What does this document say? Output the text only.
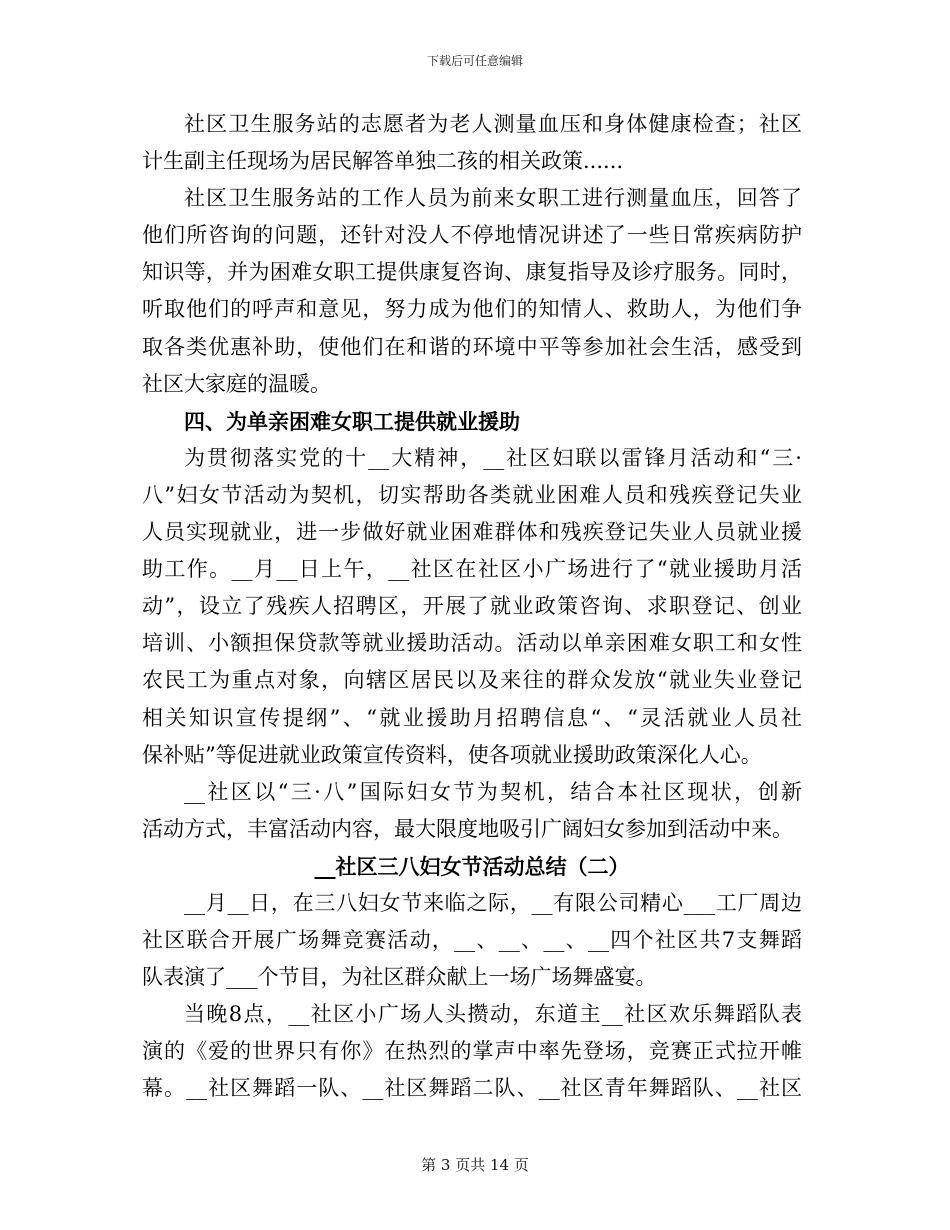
下载后可任意编辑
社区卫生服务站的志愿者为老人测量血压和身体健康检查；社区
计生副主任现场为居民解答单独二孩的相关政策......
社区卫生服务站的工作人员为前来女职工进行测量血压，回答了
他们所咨询的问题，还针对没人不停地情况讲述了一些日常疾病防护
知识等，并为困难女职工提供康复咨询、康复指导及诊疗服务。同时，
听取他们的呼声和意见，努力成为他们的知情人、救助人，为他们争
取各类优惠补助，使他们在和谐的环境中平等参加社会生活，感受到
社区大家庭的温暖。
四、为单亲困难女职工提供就业援助
为贯彻落实党的十__大精神，__社区妇联以雷锋月活动和“三·
八”妇女节活动为契机，切实帮助各类就业困难人员和残疾登记失业
人员实现就业，进一步做好就业困难群体和残疾登记失业人员就业援
助工作。__月__日上午，__社区在社区小广场进行了“就业援助月活
动”，设立了残疾人招聘区，开展了就业政策咨询、求职登记、创业
培训、小额担保贷款等就业援助活动。活动以单亲困难女职工和女性
农民工为重点对象，向辖区居民以及来往的群众发放“就业失业登记
相关知识宣传提纲”、“就业援助月招聘信息“、“灵活就业人员社
保补贴”等促进就业政策宣传资料，使各项就业援助政策深化人心。
__社区以“三·八”国际妇女节为契机，结合本社区现状，创新
活动方式，丰富活动内容，最大限度地吸引广阔妇女参加到活动中来。
__社区三八妇女节活动总结（二）
__月__日，在三八妇女节来临之际，__有限公司精心___工厂周边
社区联合开展广场舞竞赛活动，__、__、__、__四个社区共7支舞蹈
队表演了___个节目，为社区群众献上一场广场舞盛宴。
当晚8点，__社区小广场人头攒动，东道主__社区欢乐舞蹈队表
演的《爱的世界只有你》在热烈的掌声中率先登场，竞赛正式拉开帷
幕。__社区舞蹈一队、__社区舞蹈二队、__社区青年舞蹈队、__社区
第 3 页共 14 页
